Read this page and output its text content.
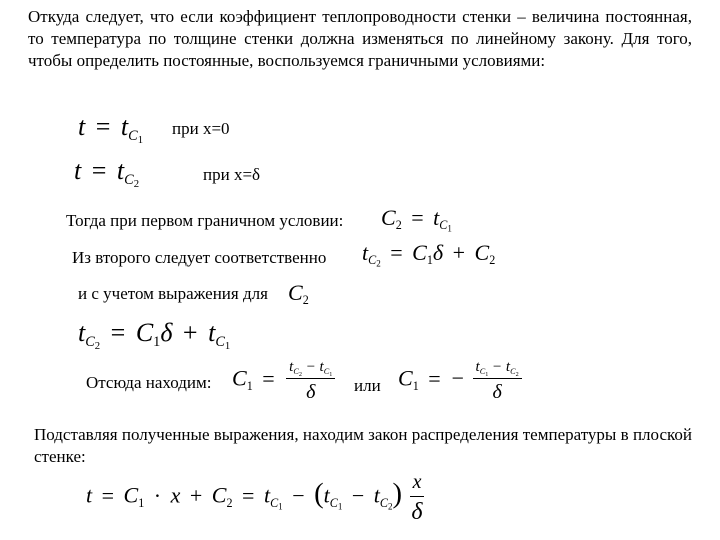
Откуда следует, что если коэффициент теплопроводности стенки – величина постоянная, то температура по толщине стенки должна изменяться по линейному закону. Для того, чтобы определить постоянные, воспользуемся граничными условиями:
$t = t_{C_1}$
при x=0
$t = t_{C_2}$
при x=δ
Тогда при первом граничном условии: $C_2 = t_{C_1}$
Из второго следует соответственно $t_{C_2} = C_1\delta + C_2$
и с учетом выражения для $C_2$
$t_{C_2} = C_1\delta + t_{C_1}$
Отсюда находим: $C_1 = \frac{t_{C_2} - t_{C_1}}{\delta}$ или $C_1$ = − $\frac{t_{C_1} - t_{C_2}}{\delta}$
Подставляя полученные выражения, находим закон распределения температуры в плоской стенке:
$t = C_1 \cdot x + C_2 = t_{C_1} - (t_{C_1} - t_{C_2}) \frac{x}{\delta}$
